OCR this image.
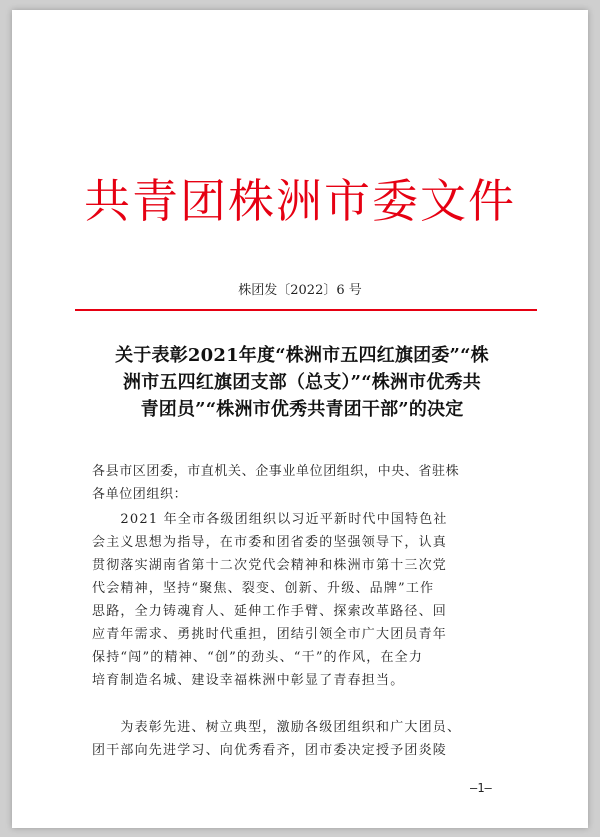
共青团株洲市委文件
株团发〔2022〕6 号
关于表彰2021年度“株洲市五四红旗团委”“株
洲市五四红旗团支部（总支）”“株洲市优秀共
青团员”“株洲市优秀共青团干部”的决定
各县市区团委，市直机关、企事业单位团组织，中央、省驻株
各单位团组织：
　　2021 年全市各级团组织以习近平新时代中国特色社
会主义思想为指导，在市委和团省委的坚强领导下，认真
贯彻落实湖南省第十二次党代会精神和株洲市第十三次党
代会精神，坚持“聚焦、裂变、创新、升级、品牌”工作
思路，全力铸魂育人、延伸工作手臂、探索改革路径、回
应青年需求、勇挑时代重担，团结引领全市广大团员青年
保持“闯”的精神、“创”的劲头、“干”的作风，在全力
培育制造名城、建设幸福株洲中彰显了青春担当。
　　为表彰先进、树立典型，激励各级团组织和广大团员、
团干部向先进学习、向优秀看齐，团市委决定授予团炎陵
—1—
